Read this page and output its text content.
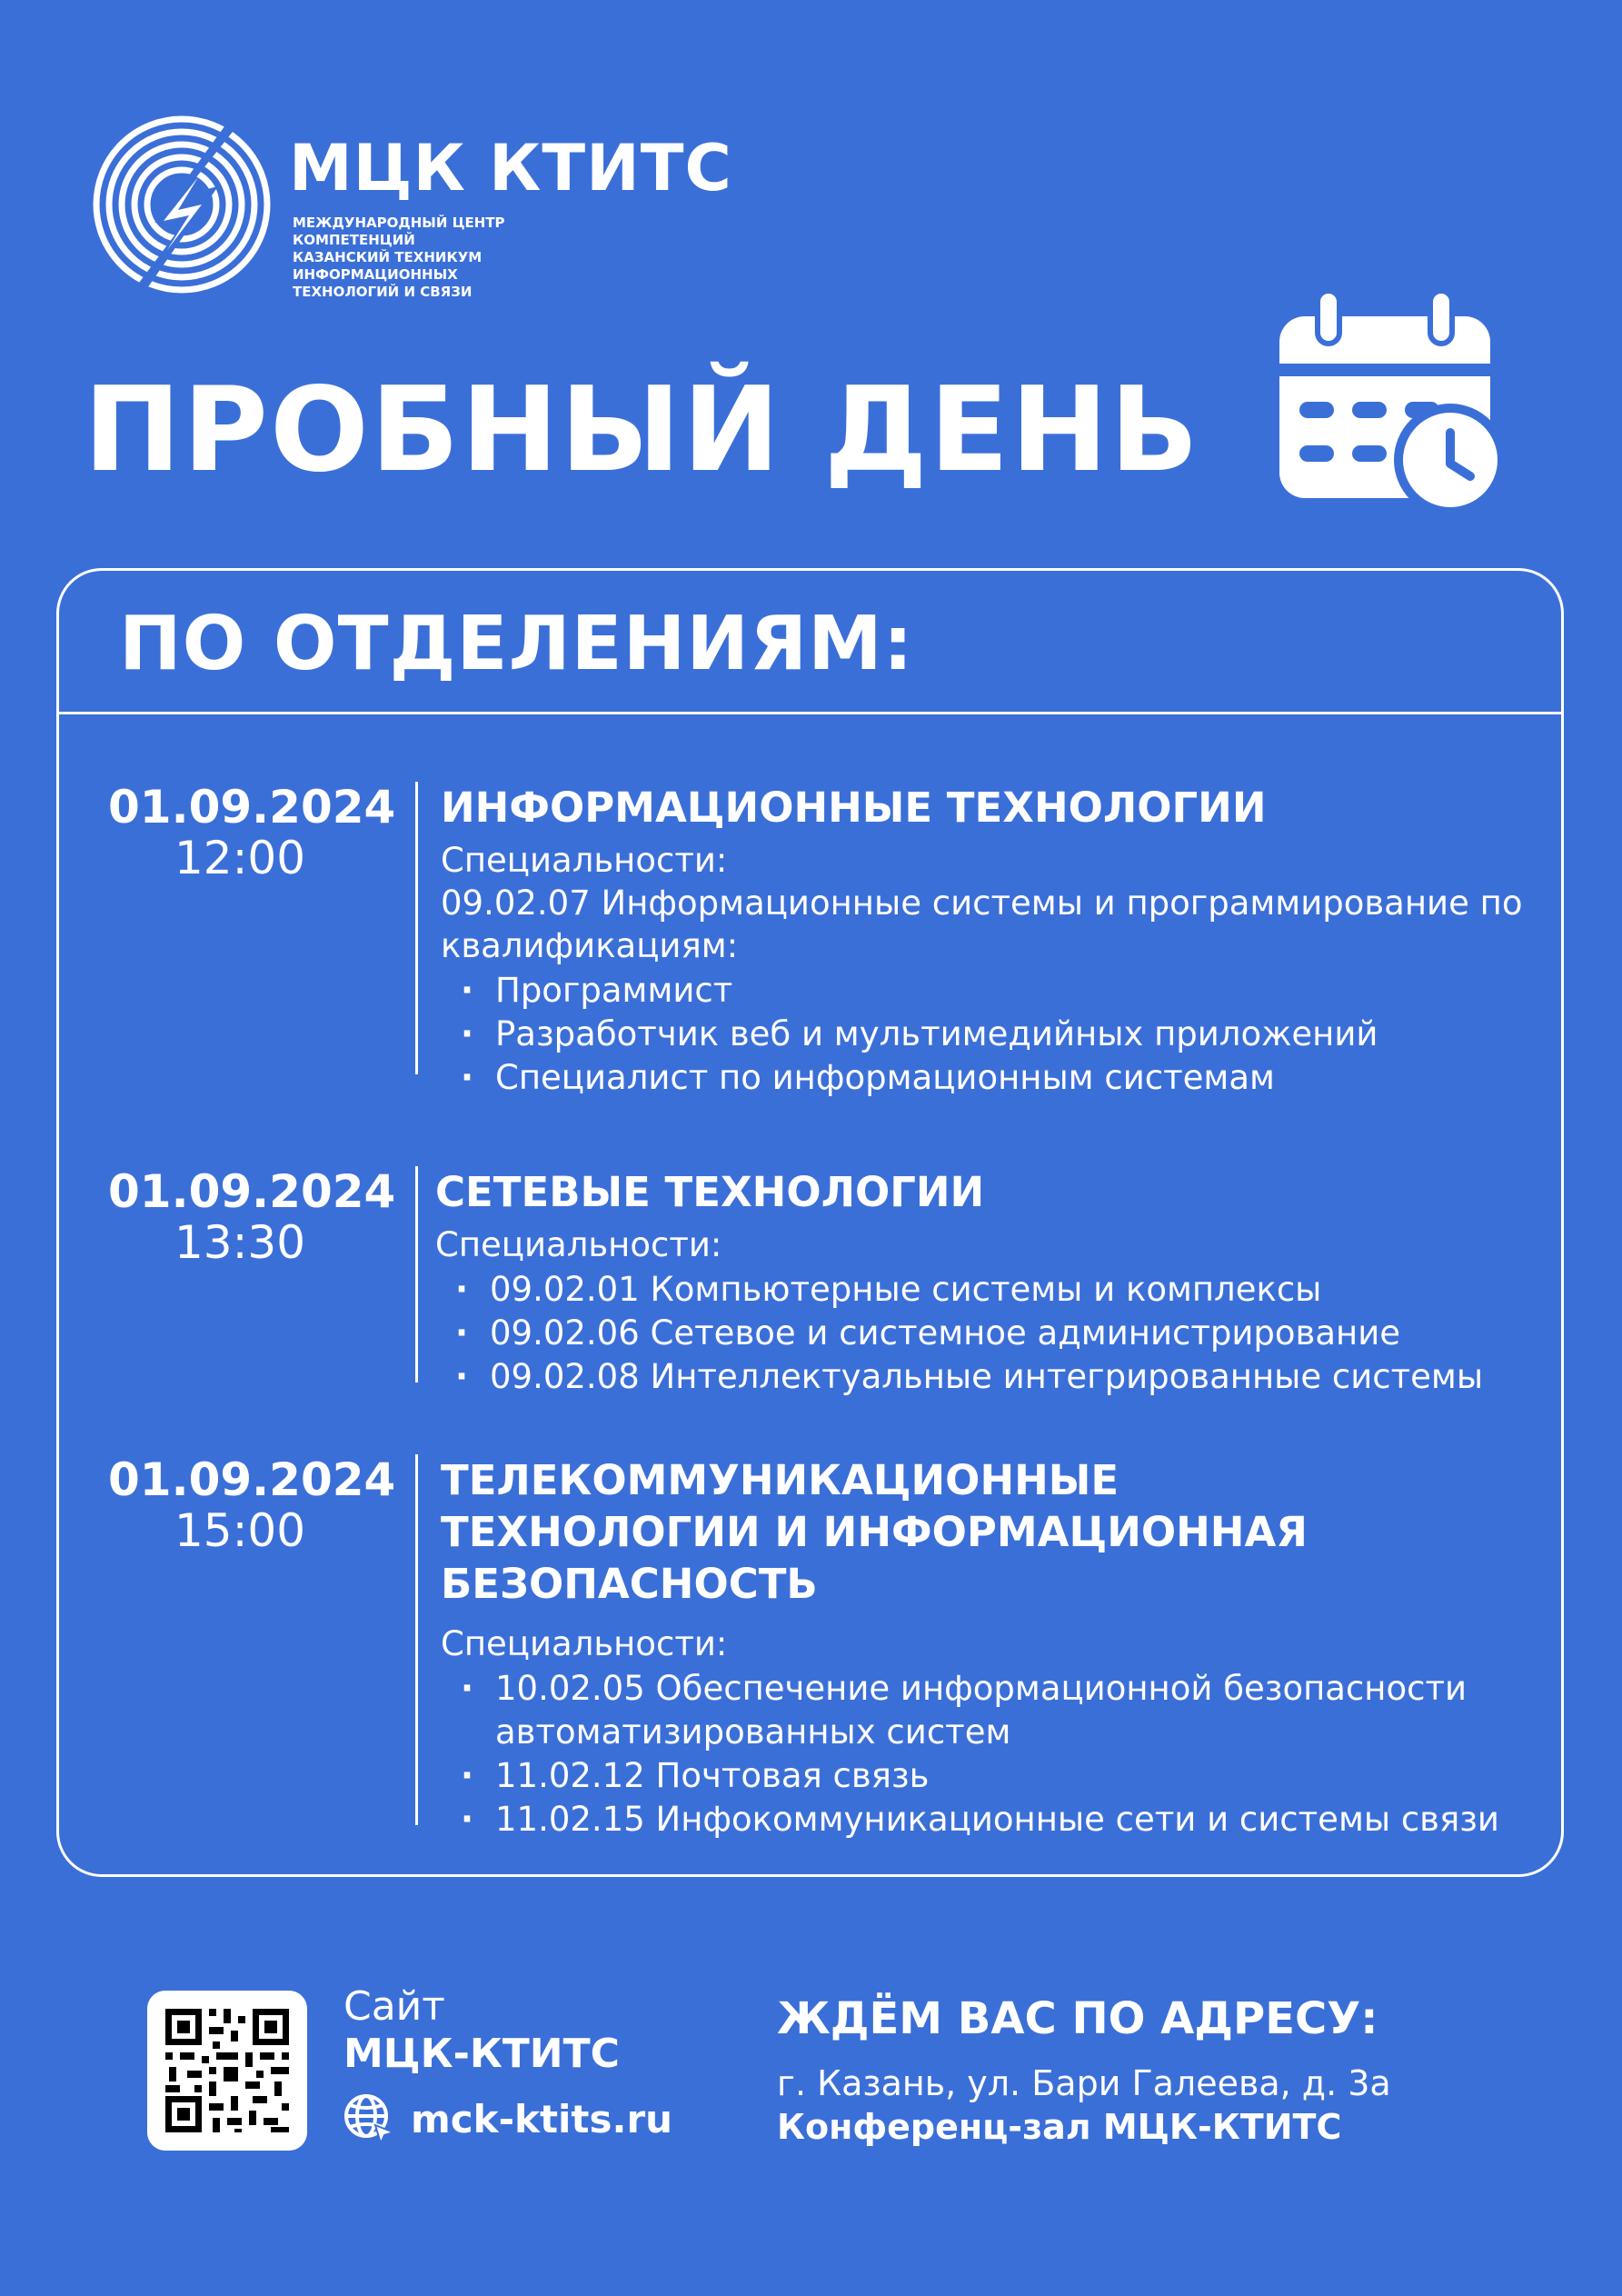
МЦК КТИТС
МЕЖДУНАРОДНЫЙ ЦЕНТР КОМПЕТЕНЦИЙ
КАЗАНСКИЙ ТЕХНИКУМ ИНФОРМАЦИОННЫХ
ТЕХНОЛОГИЙ И СВЯЗИ
ПРОБНЫЙ ДЕНЬ
ПО ОТДЕЛЕНИЯМ:
01.09.2024
12:00
ИНФОРМАЦИОННЫЕ ТЕХНОЛОГИИ
Специальности:
09.02.07 Информационные системы и программирование по квалификациям:
· Программист
· Разработчик веб и мультимедийных приложений
· Специалист по информационным системам
01.09.2024
13:30
СЕТЕВЫЕ ТЕХНОЛОГИИ
Специальности:
· 09.02.01 Компьютерные системы и комплексы
· 09.02.06 Сетевое и системное администрирование
· 09.02.08 Интеллектуальные интегрированные системы
01.09.2024
15:00
ТЕЛЕКОММУНИКАЦИОННЫЕ ТЕХНОЛОГИИ И ИНФОРМАЦИОННАЯ БЕЗОПАСНОСТЬ
Специальности:
· 10.02.05 Обеспечение информационной безопасности автоматизированных систем
· 11.02.12 Почтовая связь
· 11.02.15 Инфокоммуникационные сети и системы связи
Сайт
МЦК-КТИТС
mck-ktits.ru
ЖДЁМ ВАС ПО АДРЕСУ:
г. Казань, ул. Бари Галеева, д. 3а
Конференц-зал МЦК-КТИТС
